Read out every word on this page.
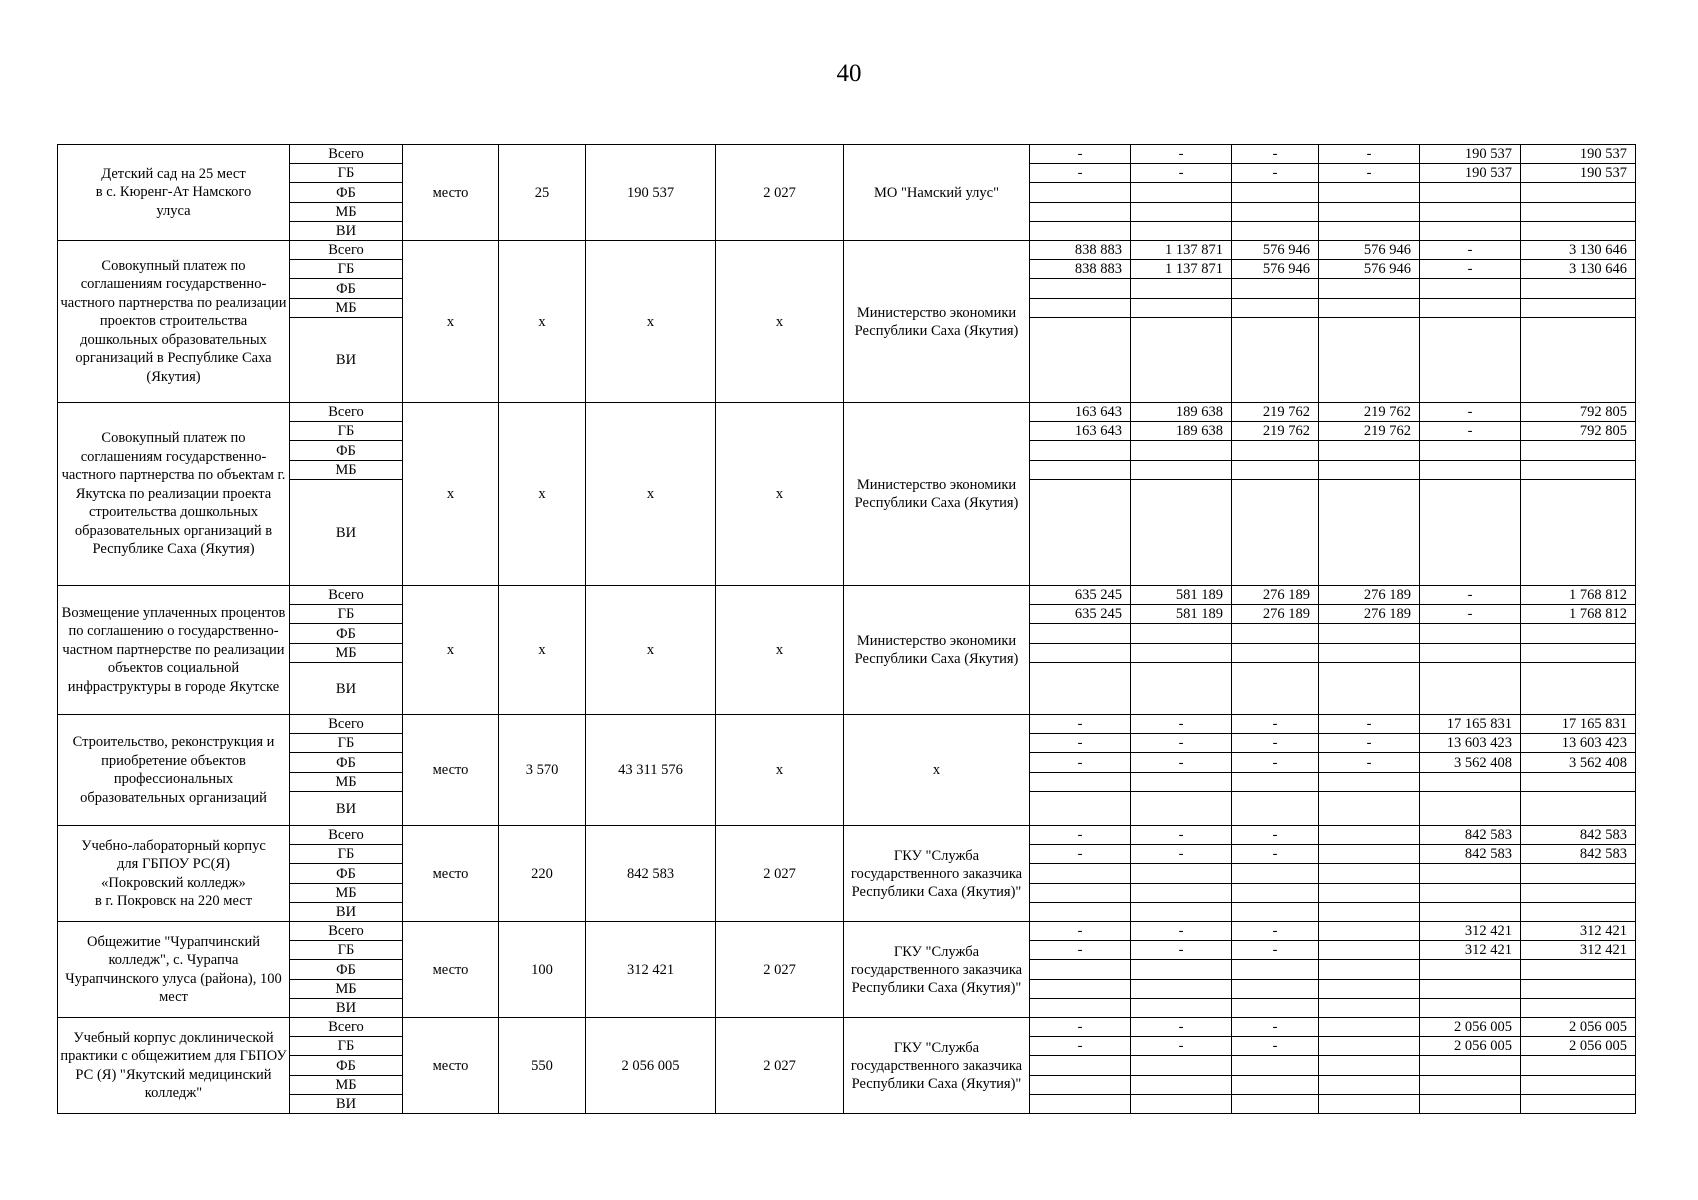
40
Детский сад на 25 мест
в с. Кюренг-Ат Намского
улуса	Всего	место	25	190 537	2 027	МО "Намский улус"	-	-	-	-	190 537	190 537
	ГБ						-	-	-	-	190 537	190 537
	ФБ											
	МБ											
	ВИ											
Совокупный платеж по соглашениям государственно-частного партнерства по реализации проектов строительства дошкольных образовательных организаций в Республике Саха (Якутия)	Всего	х	х	х	х	Министерство экономики Республики Саха (Якутия)	838 883	1 137 871	576 946	576 946	-	3 130 646
	ГБ						838 883	1 137 871	576 946	576 946	-	3 130 646
	ФБ											
	МБ											
	ВИ											
Совокупный платеж по соглашениям государственно-частного партнерства по объектам г. Якутска по реализации проекта строительства дошкольных образовательных организаций в Республике Саха (Якутия)	Всего	х	х	х	х	Министерство экономики Республики Саха (Якутия)	163 643	189 638	219 762	219 762	-	792 805
	ГБ						163 643	189 638	219 762	219 762	-	792 805
	ФБ											
	МБ											
	ВИ											
Возмещение уплаченных процентов по соглашению о государственно-частном партнерстве по реализации объектов социальной инфраструктуры в городе Якутске	Всего	х	х	х	х	Министерство экономики Республики Саха (Якутия)	635 245	581 189	276 189	276 189	-	1 768 812
	ГБ						635 245	581 189	276 189	276 189	-	1 768 812
	ФБ											
	МБ											
	ВИ											
Строительство, реконструкция и приобретение объектов профессиональных образовательных организаций	Всего	место	3 570	43 311 576	х	х	-	-	-	-	17 165 831	17 165 831
	ГБ						-	-	-	-	13 603 423	13 603 423
	ФБ						-	-	-	-	3 562 408	3 562 408
	МБ											
	ВИ											
Учебно-лабораторный корпус
для ГБПОУ РС(Я)
«Покровский колледж»
в г. Покровск на 220 мест	Всего	место	220	842 583	2 027	ГКУ "Служба государственного заказчика Республики Саха (Якутия)"	-	-	-		842 583	842 583
	ГБ						-	-	-		842 583	842 583
	ФБ											
	МБ											
	ВИ											
Общежитие "Чурапчинский колледж", с. Чурапча Чурапчинского улуса (района), 100 мест	Всего	место	100	312 421	2 027	ГКУ "Служба государственного заказчика Республики Саха (Якутия)"	-	-	-		312 421	312 421
	ГБ						-	-	-		312 421	312 421
	ФБ											
	МБ											
	ВИ											
Учебный корпус доклинической практики с общежитием для ГБПОУ РС (Я) "Якутский медицинский колледж"	Всего	место	550	2 056 005	2 027	ГКУ "Служба государственного заказчика Республики Саха (Якутия)"	-	-	-		2 056 005	2 056 005
	ГБ						-	-	-		2 056 005	2 056 005
	ФБ											
	МБ											
	ВИ											
